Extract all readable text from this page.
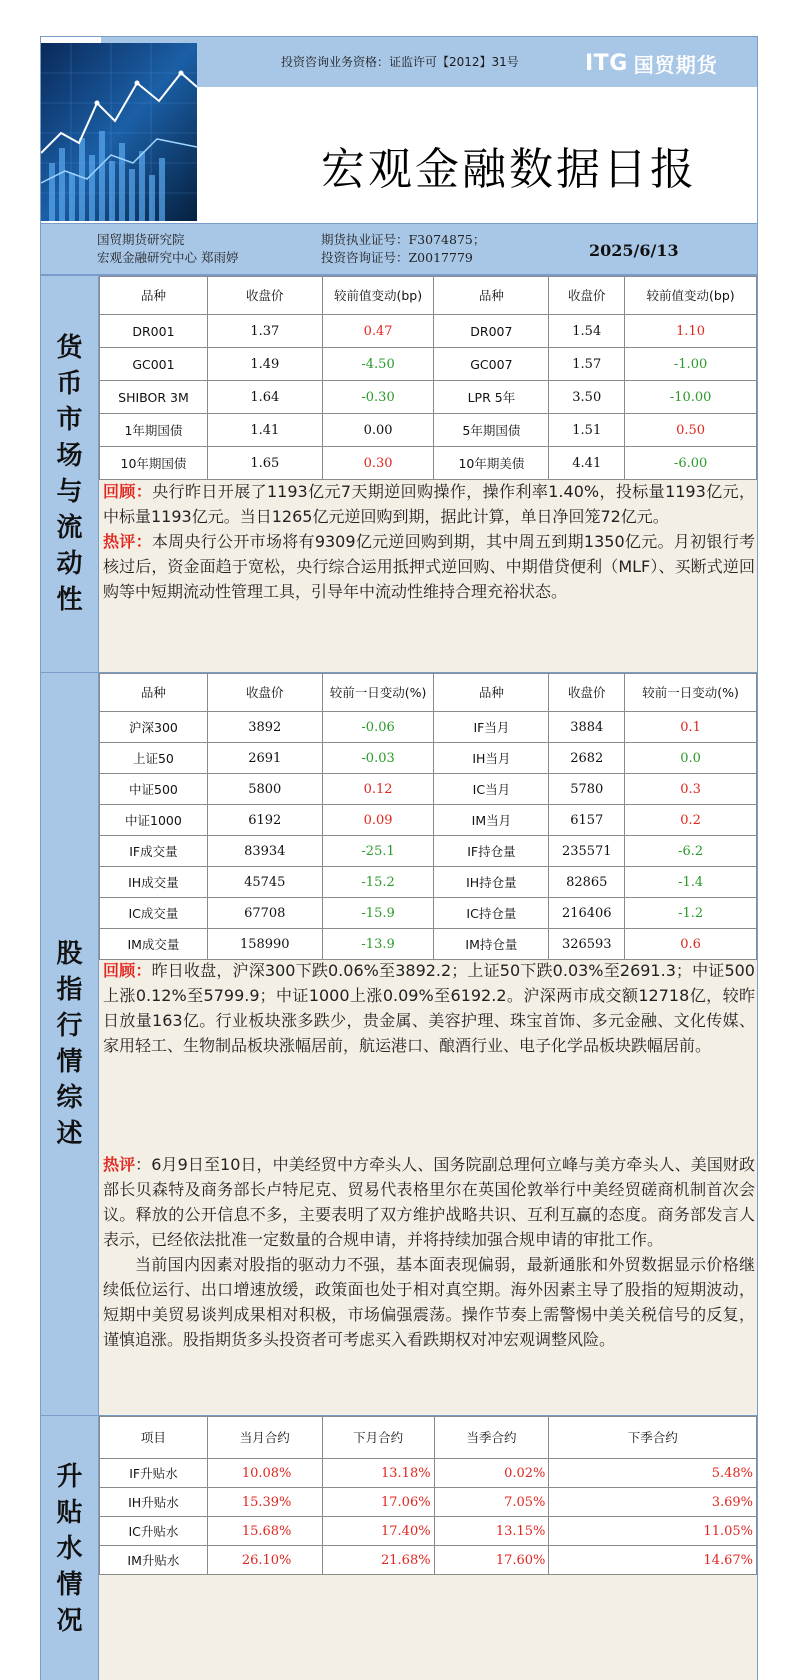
投资咨询业务资格：证监许可【2012】31号	ITG 国贸期货
宏观金融数据日报
国贸期货研究院
宏观金融研究中心 郑雨婷
期货执业证号：F3074875；
投资咨询证号：Z0017779	2025/6/13
货
币
市
场
与
流
动
性
品种	收盘价	较前值变动(bp)	品种	收盘价	较前值变动(bp)
DR001	1.37	0.47	DR007	1.54	1.10
GC001	1.49	-4.50	GC007	1.57	-1.00
SHIBOR 3M	1.64	-0.30	LPR 5年	3.50	-10.00
1年期国债	1.41	0.00	5年期国债	1.51	0.50
10年期国债	1.65	0.30	10年期美债	4.41	-6.00

回顾：央行昨日开展了1193亿元7天期逆回购操作，操作利率1.40%，投标量1193亿元，中标量1193亿元。当日1265亿元逆回购到期，据此计算，单日净回笼72亿元。

热评：本周央行公开市场将有9309亿元逆回购到期，其中周五到期1350亿元。月初银行考核过后，资金面趋于宽松，央行综合运用抵押式逆回购、中期借贷便利（MLF）、买断式逆回购等中短期流动性管理工具，引导年中流动性维持合理充裕状态。

股
指
行
情
综
述
品种	收盘价	较前一日变动(%)	品种	收盘价	较前一日变动(%)
沪深300	3892	-0.06	IF当月	3884	0.1
上证50	2691	-0.03	IH当月	2682	0.0
中证500	5800	0.12	IC当月	5780	0.3
中证1000	6192	0.09	IM当月	6157	0.2
IF成交量	83934	-25.1	IF持仓量	235571	-6.2
IH成交量	45745	-15.2	IH持仓量	82865	-1.4
IC成交量	67708	-15.9	IC持仓量	216406	-1.2
IM成交量	158990	-13.9	IM持仓量	326593	0.6

回顾：昨日收盘，沪深300下跌0.06%至3892.2；上证50下跌0.03%至2691.3；中证500上涨0.12%至5799.9；中证1000上涨0.09%至6192.2。沪深两市成交额12718亿，较昨日放量163亿。行业板块涨多跌少，贵金属、美容护理、珠宝首饰、多元金融、文化传媒、家用轻工、生物制品板块涨幅居前，航运港口、酿酒行业、电子化学品板块跌幅居前。

热评：6月9日至10日，中美经贸中方牵头人、国务院副总理何立峰与美方牵头人、美国财政部长贝森特及商务部长卢特尼克、贸易代表格里尔在英国伦敦举行中美经贸磋商机制首次会议。释放的公开信息不多，主要表明了双方维护战略共识、互利互赢的态度。商务部发言人表示，已经依法批准一定数量的合规申请，并将持续加强合规申请的审批工作。

当前国内因素对股指的驱动力不强，基本面表现偏弱，最新通胀和外贸数据显示价格继续低位运行、出口增速放缓，政策面也处于相对真空期。海外因素主导了股指的短期波动，短期中美贸易谈判成果相对积极，市场偏强震荡。操作节奏上需警惕中美关税信号的反复，谨慎追涨。股指期货多头投资者可考虑买入看跌期权对冲宏观调整风险。

升
贴
水
情
况
项目	当月合约	下月合约	当季合约	下季合约
IF升贴水	10.08%	13.18%	0.02%	5.48%
IH升贴水	15.39%	17.06%	7.05%	3.69%
IC升贴水	15.68%	17.40%	13.15%	11.05%
IM升贴水	26.10%	21.68%	17.60%	14.67%
